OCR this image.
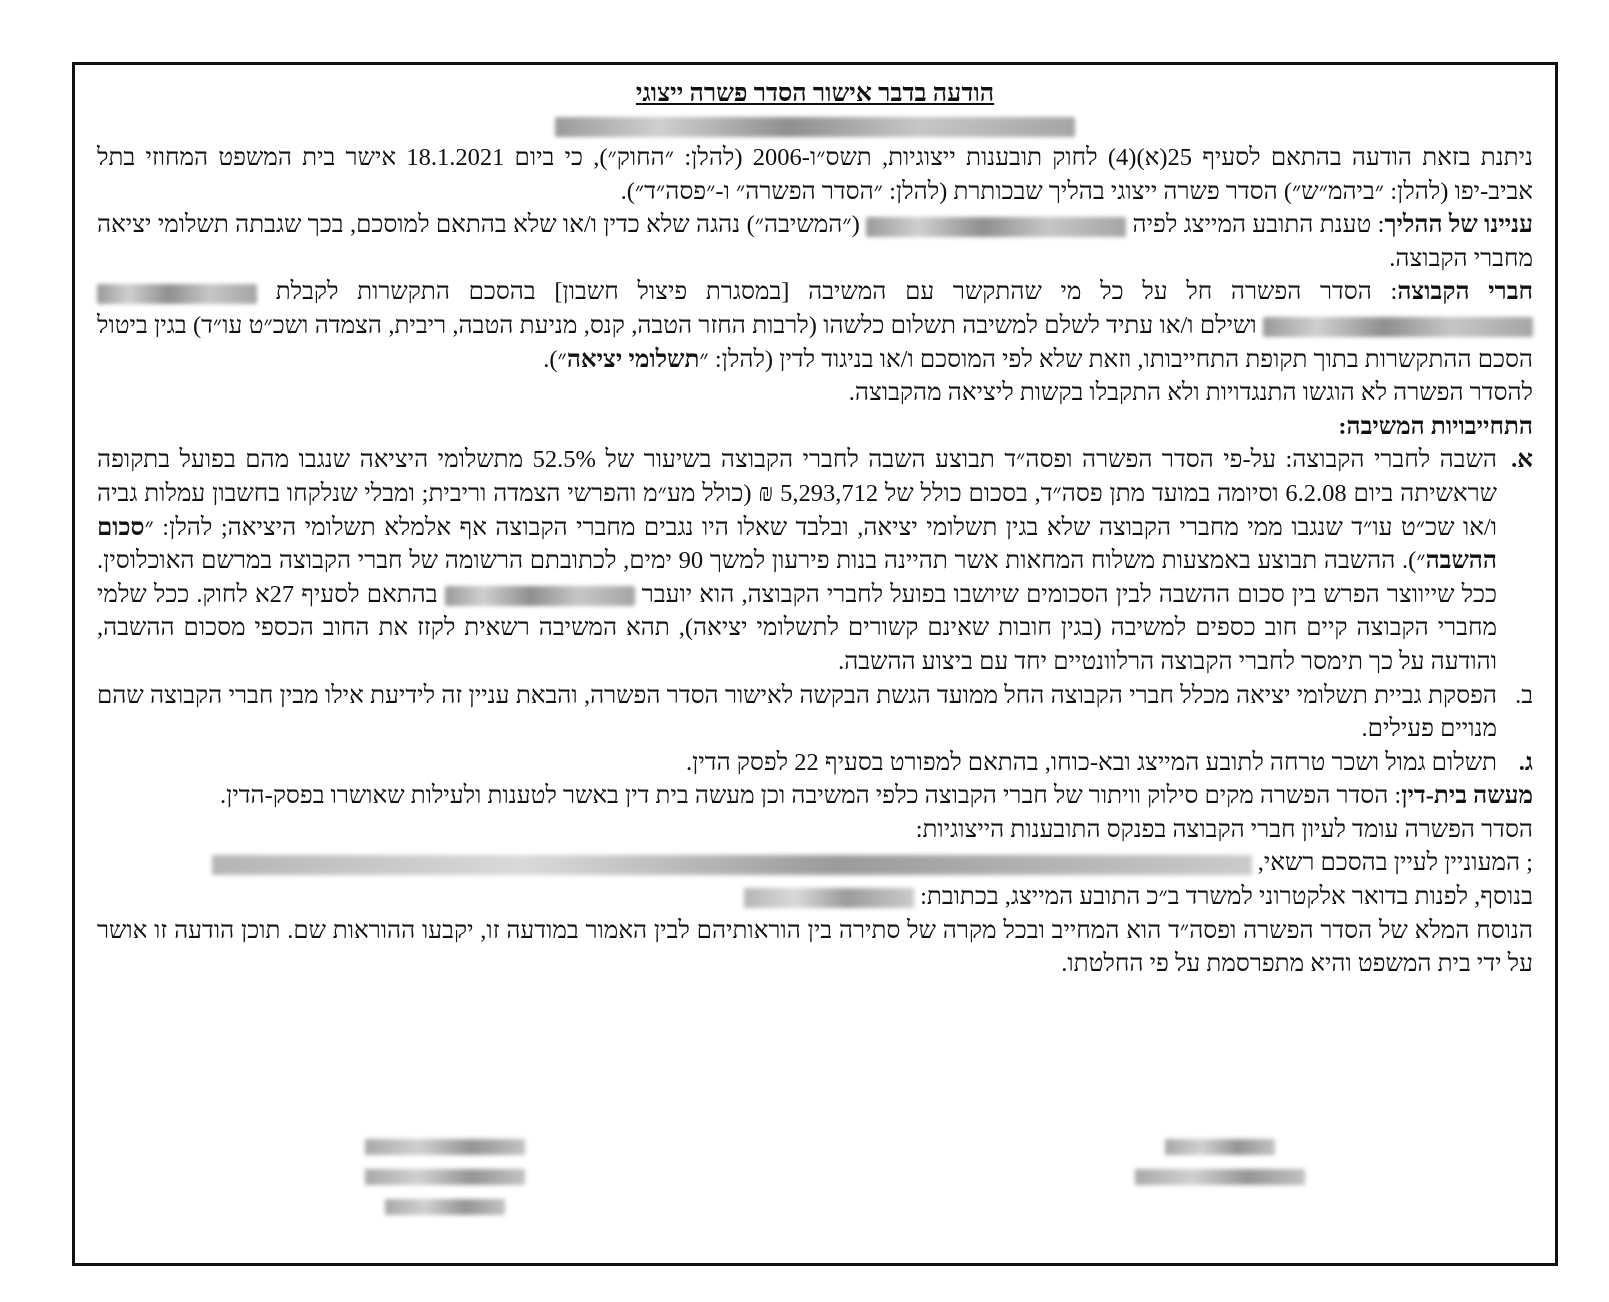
הודעה בדבר אישור הסדר פשרה ייצוגי

ניתנת בזאת הודעה בהתאם לסעיף 25(א)(4) לחוק תובענות ייצוגיות, תשס״ו-2006 (להלן: ״החוק״), כי ביום 18.1.2021 אישר בית המשפט המחוזי בתל אביב-יפו (להלן: ״ביהמ״ש״) הסדר פשרה ייצוגי בהליך שבכותרת (להלן: ״הסדר הפשרה״ ו-״פסה״ד״).

עניינו של ההליך: טענת התובע המייצג לפיה  (״המשיבה״) נהגה שלא כדין ו/או שלא בהתאם למוסכם, בכך שגבתה תשלומי יציאה מחברי הקבוצה.

חברי הקבוצה: הסדר הפשרה חל על כל מי שהתקשר עם המשיבה [במסגרת פיצול חשבון] בהסכם התקשרות לקבלת   ושילם ו/או עתיד לשלם למשיבה תשלום כלשהו (לרבות החזר הטבה, קנס, מניעת הטבה, ריבית, הצמדה ושכ״ט עו״ד) בגין ביטול הסכם ההתקשרות בתוך תקופת התחייבותו, וזאת שלא לפי המוסכם ו/או בניגוד לדין (להלן: ״תשלומי יציאה״).

להסדר הפשרה לא הוגשו התנגדויות ולא התקבלו בקשות ליציאה מהקבוצה.

התחייבויות המשיבה:

א.
השבה לחברי הקבוצה: על-פי הסדר הפשרה ופסה״ד תבוצע השבה לחברי הקבוצה בשיעור של 52.5% מתשלומי היציאה שנגבו מהם בפועל בתקופה שראשיתה ביום 6.2.08 וסיומה במועד מתן פסה״ד, בסכום כולל של 5,293,712 ₪ (כולל מע״מ והפרשי הצמדה וריבית; ומבלי שנלקחו בחשבון עמלות גביה ו/או שכ״ט עו״ד שנגבו ממי מחברי הקבוצה שלא בגין תשלומי יציאה, ובלבד שאלו היו נגבים מחברי הקבוצה אף אלמלא תשלומי היציאה; להלן: ״סכום ההשבה״). ההשבה תבוצע באמצעות משלוח המחאות אשר תהיינה בנות פירעון למשך 90 ימים, לכתובתם הרשומה של חברי הקבוצה במרשם האוכלוסין. ככל שייווצר הפרש בין סכום ההשבה לבין הסכומים שיושבו בפועל לחברי הקבוצה, הוא יועבר  בהתאם לסעיף 27א לחוק. ככל שלמי מחברי הקבוצה קיים חוב כספים למשיבה (בגין חובות שאינם קשורים לתשלומי יציאה), תהא המשיבה רשאית לקזז את החוב הכספי מסכום ההשבה, והודעה על כך תימסר לחברי הקבוצה הרלוונטיים יחד עם ביצוע ההשבה.
ב.
הפסקת גביית תשלומי יציאה מכלל חברי הקבוצה החל ממועד הגשת הבקשה לאישור הסדר הפשרה, והבאת עניין זה לידיעת אילו מבין חברי הקבוצה שהם מנויים פעילים.
ג.
תשלום גמול ושכר טרחה לתובע המייצג ובא-כוחו, בהתאם למפורט בסעיף 22 לפסק הדין.

מעשה בית-דין: הסדר הפשרה מקים סילוק וויתור של חברי הקבוצה כלפי המשיבה וכן מעשה בית דין באשר לטענות ולעילות שאושרו בפסק-הדין.

הסדר הפשרה עומד לעיון חברי הקבוצה בפנקס התובענות הייצוגיות:

; המעוניין לעיין בהסכם רשאי,

בנוסף, לפנות בדואר אלקטרוני למשרד ב״כ התובע המייצג, בכתובת:

הנוסח המלא של הסדר הפשרה ופסה״ד הוא המחייב ובכל מקרה של סתירה בין הוראותיהם לבין האמור במודעה זו, יקבעו ההוראות שם. תוכן הודעה זו אושר על ידי בית המשפט והיא מתפרסמת על פי החלטתו.
